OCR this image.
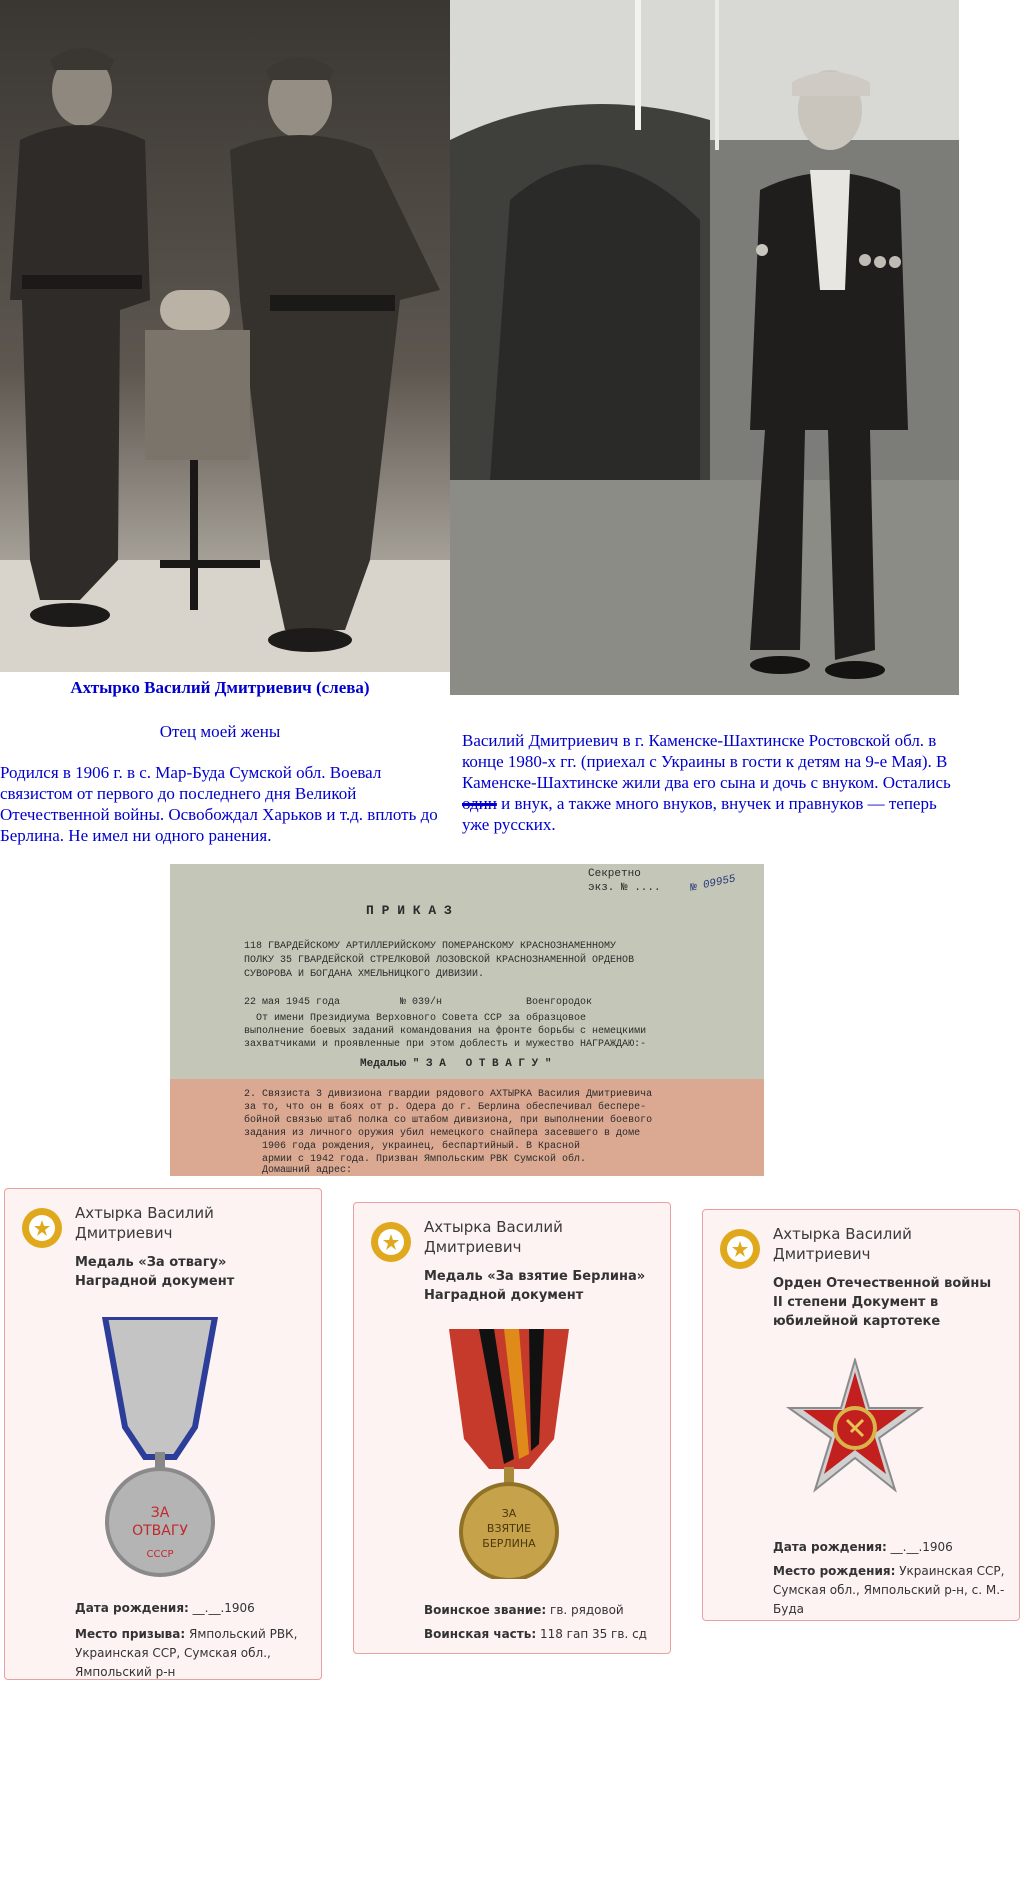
Ахтырко Василий Дмитриевич (слева)
Отец моей жены
Родился в 1906 г. в с. Мар-Буда Сумской обл. Воевал связистом от первого до последнего дня Великой Отечественной войны. Освобождал Харьков и т.д. вплоть до Берлина. Не имел ни одного ранения.
Василий Дмитриевич в г. Каменске-Шахтинске Ростовской обл. в конце 1980-х гг. (приехал с Украины в гости к детям на 9-е Мая). В Каменске-Шахтинске жили два его сына и дочь с внуком. Остались один и внук, а также много внуков, внучек и правнуков — теперь уже русских.
Секретно
экз. № ....	№ 09955
П Р И К А З
118 ГВАРДЕЙСКОМУ АРТИЛЛЕРИЙСКОМУ ПОМЕРАНСКОМУ КРАСНОЗНАМЕННОМУ
ПОЛКУ 35 ГВАРДЕЙСКОЙ СТРЕЛКОВОЙ ЛОЗОВСКОЙ КРАСНОЗНАМЕННОЙ ОРДЕНОВ
СУВОРОВА И БОГДАНА ХМЕЛЬНИЦКОГО ДИВИЗИИ.
22 мая 1945 года          № 039/н              Военгородок
От имени Президиума Верховного Совета ССР за образцовое
выполнение боевых заданий командования на фронте борьбы с немецкими
захватчиками и проявленные при этом доблесть и мужество НАГРАЖДАЮ:-
Медалью " З А   О Т В А Г У "
2. Связиста 3 дивизиона гвардии рядового АХТЫРКА Василия Дмитриевича
за то, что он в боях от р. Одера до г. Берлина обеспечивал беспере-
бойной связью штаб полка со штабом дивизиона, при выполнении боевого
задания из личного оружия убил немецкого снайпера засевшего в доме
1906 года рождения, украинец, беспартийный. В Красной
армии с 1942 года. Призван Ямпольским РВК Сумской обл.
Домашний адрес:
Ахтырка Василий Дмитриевич
Медаль «За отвагу» Наградной документ
ЗА
ОТВАГУ
СССР
Дата рождения: __.__.1906
Место призыва: Ямпольский РВК, Украинская ССР, Сумская обл., Ямпольский р-н
Ахтырка Василий Дмитриевич
Медаль «За взятие Берлина» Наградной документ
ЗА
ВЗЯТИЕ
БЕРЛИНА
Воинское звание: гв. рядовой
Воинская часть: 118 гап 35 гв. сд
Ахтырка Василий Дмитриевич
Орден Отечественной войны II степени Документ в юбилейной картотеке
Дата рождения: __.__.1906
Место рождения: Украинская ССР, Сумская обл., Ямпольский р-н, с. М.-Буда
